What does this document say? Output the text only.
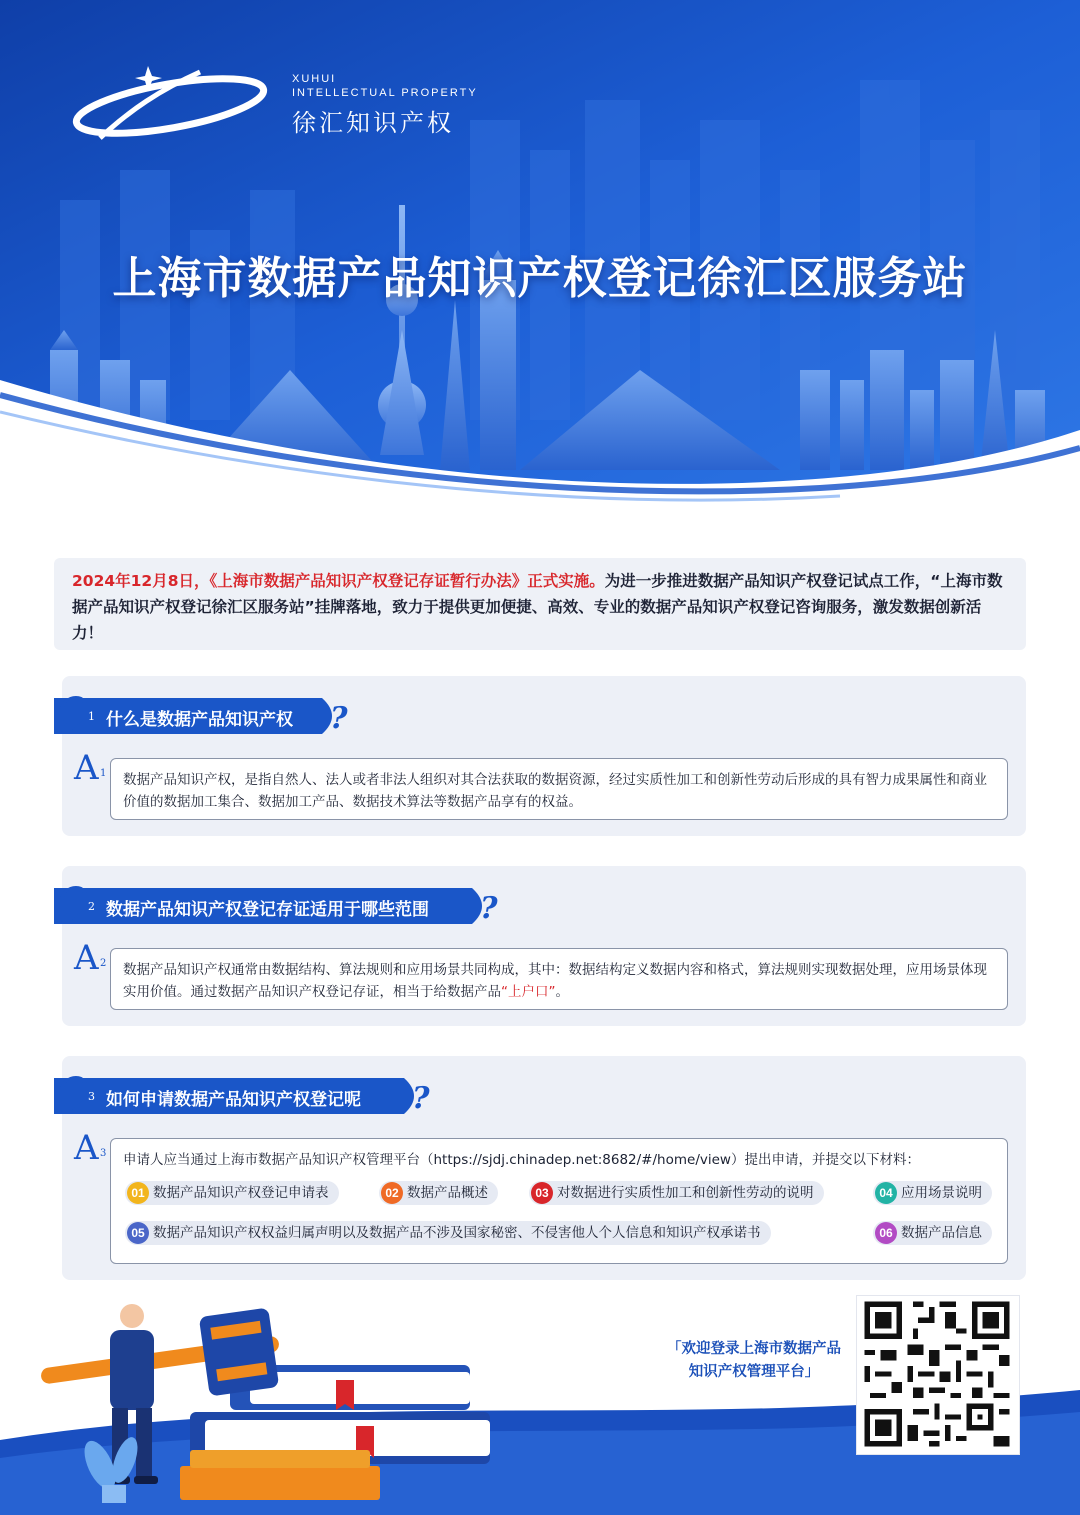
XUHUI
INTELLECTUAL PROPERTY
徐汇知识产权
上海市数据产品知识产权登记徐汇区服务站
2024年12月8日，《上海市数据产品知识产权登记存证暂行办法》正式实施。为进一步推进数据产品知识产权登记试点工作，“上海市数据产品知识产权登记徐汇区服务站”挂牌落地，致力于提供更加便捷、高效、专业的数据产品知识产权登记咨询服务，激发数据创新活力！
Q 1 什么是数据产品知识产权 ?
A 1	数据产品知识产权，是指自然人、法人或者非法人组织对其合法获取的数据资源，经过实质性加工和创新性劳动后形成的具有智力成果属性和商业价值的数据加工集合、数据加工产品、数据技术算法等数据产品享有的权益。
Q 2 数据产品知识产权登记存证适用于哪些范围 ?
A 2	数据产品知识产权通常由数据结构、算法规则和应用场景共同构成，其中：数据结构定义数据内容和格式，算法规则实现数据处理，应用场景体现实用价值。通过数据产品知识产权登记存证，相当于给数据产品“上户口”。
Q 3 如何申请数据产品知识产权登记呢 ?
A 3 申请人应当通过上海市数据产品知识产权管理平台（https://sjdj.chinadep.net:8682/#/home/view）提出申请，并提交以下材料：
01 数据产品知识产权登记申请表	02 数据产品概述	03 对数据进行实质性加工和创新性劳动的说明	04 应用场景说明
05 数据产品知识产权权益归属声明以及数据产品不涉及国家秘密、不侵害他人个人信息和知识产权承诺书	06 数据产品信息
「欢迎登录上海市数据产品
知识产权管理平台」
